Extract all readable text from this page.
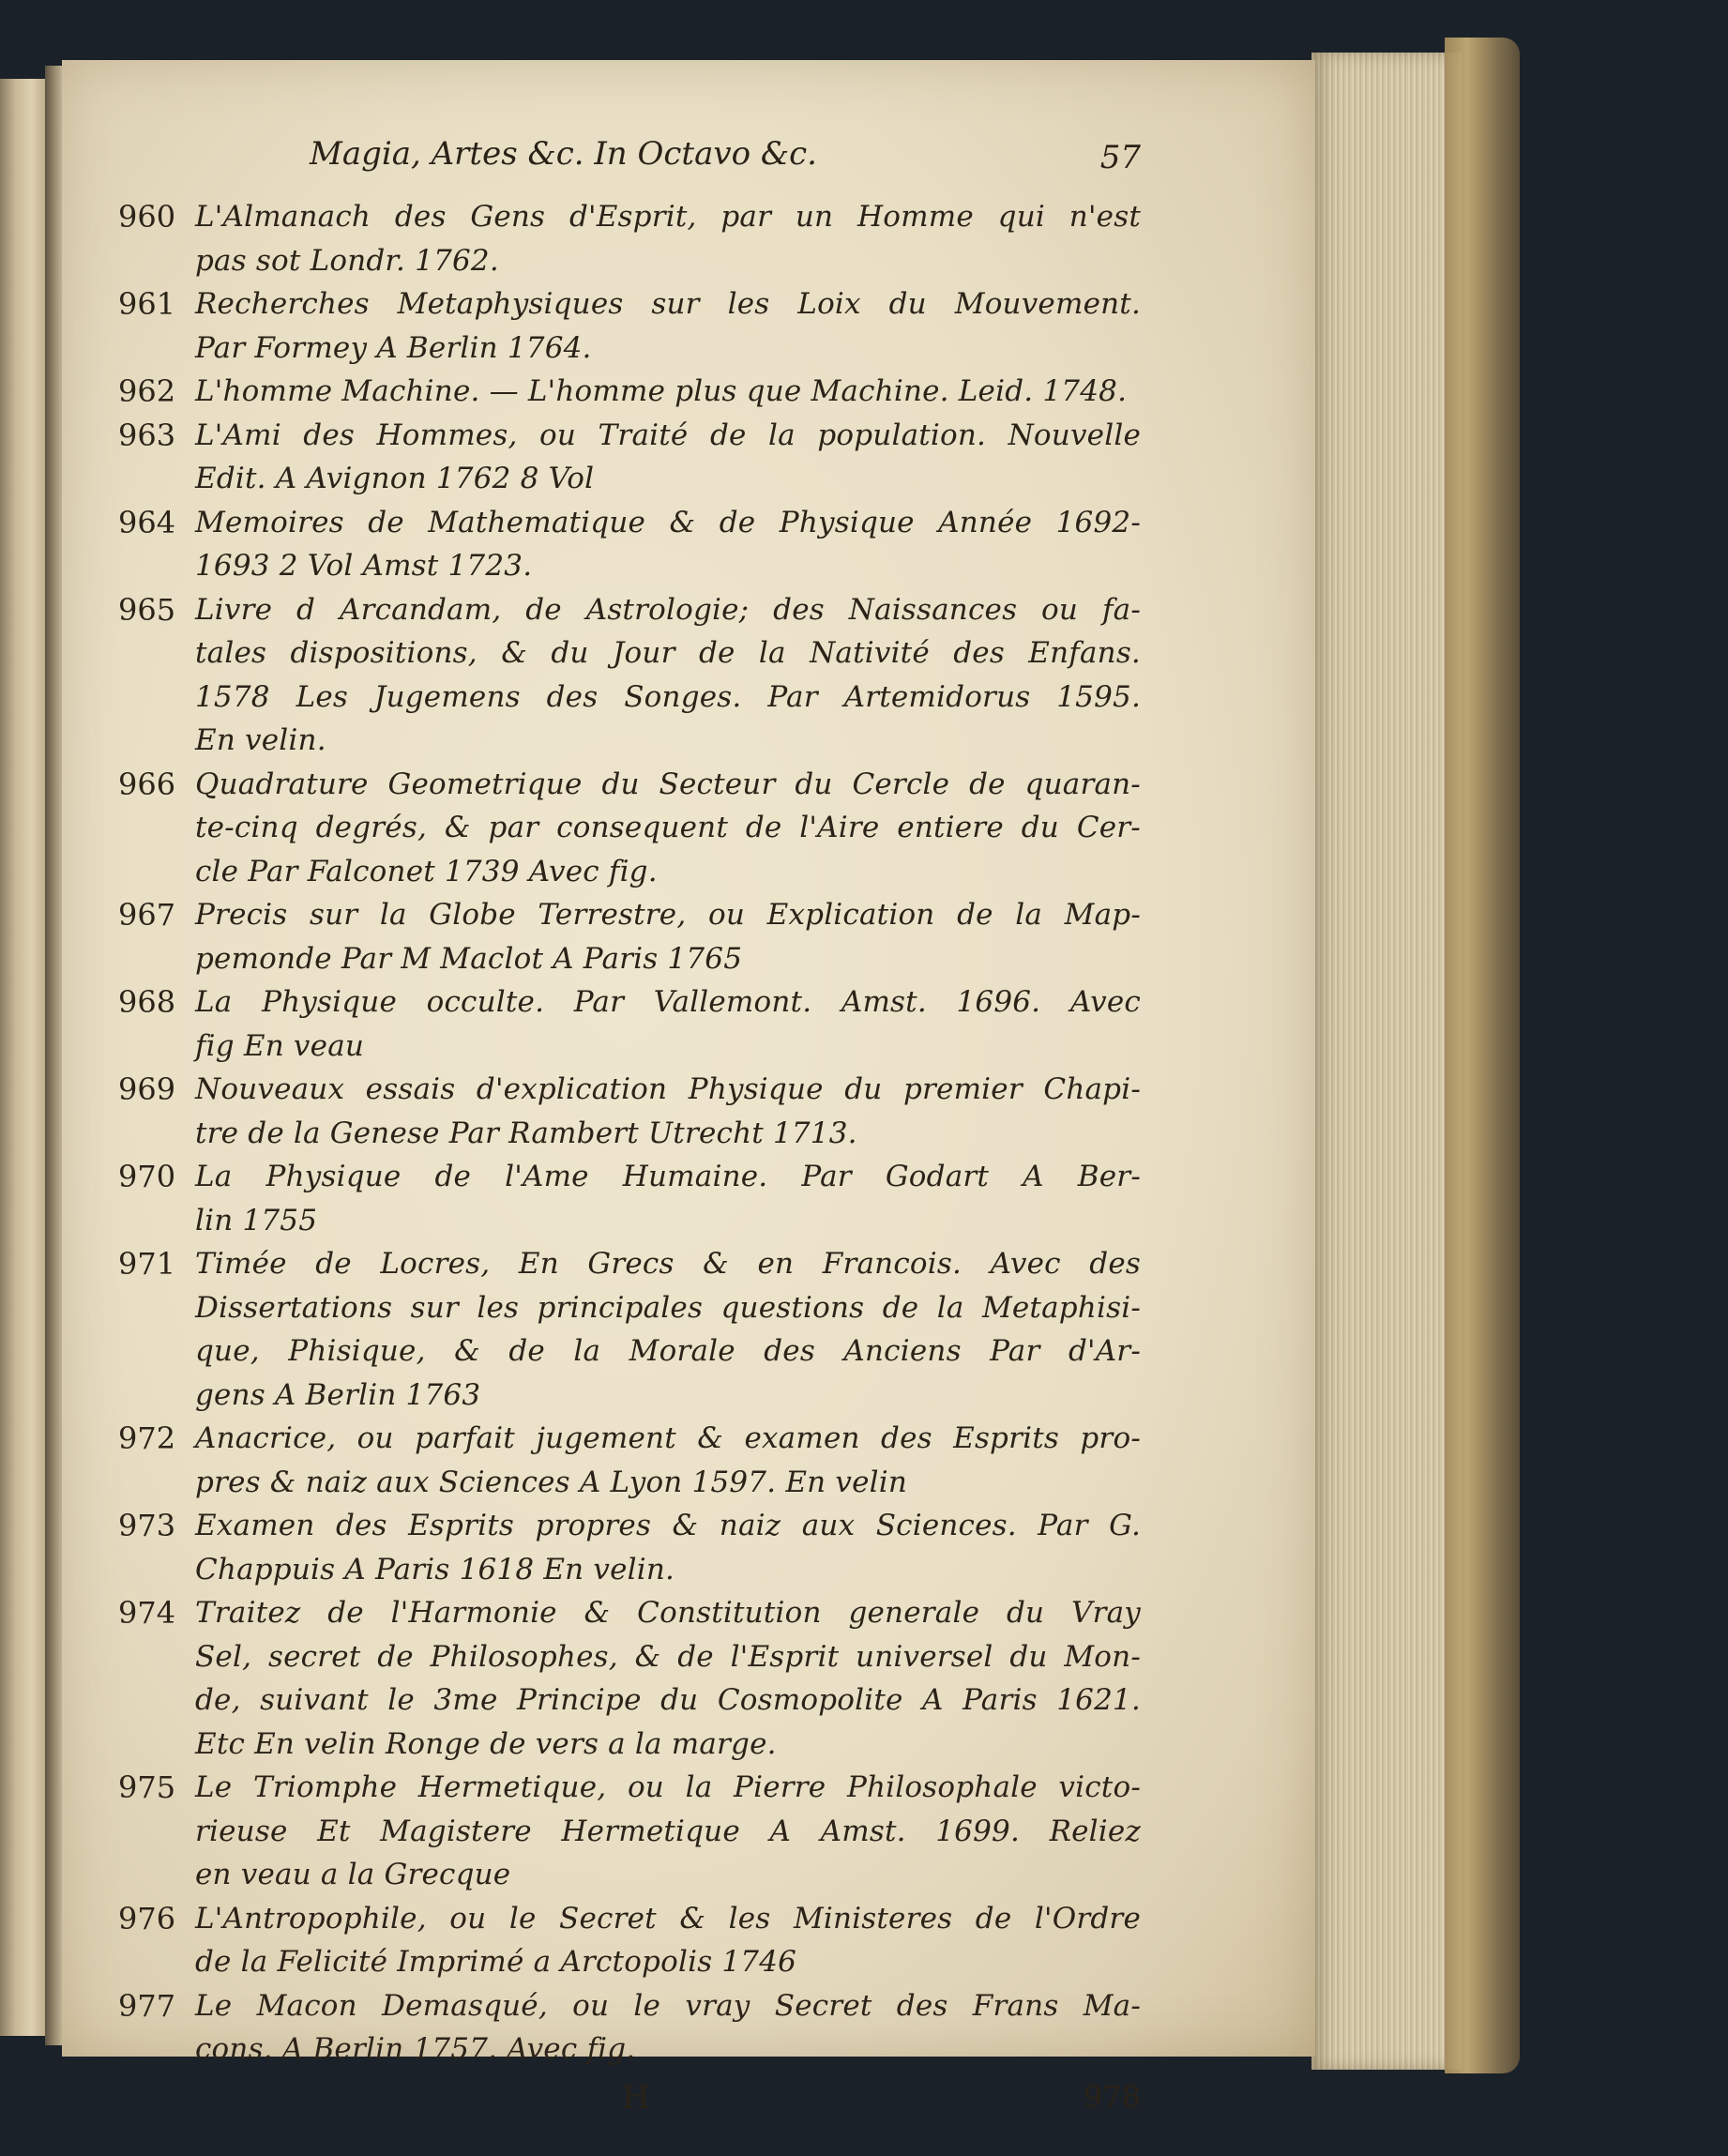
Magia, Artes &c. In Octavo &c.	57
960 L'Almanach des Gens d'Esprit, par un Homme qui n'est
pas sot Londr. 1762.
961 Recherches Metaphysiques sur les Loix du Mouvement.
Par Formey A Berlin 1764.
962 L'homme Machine. — L'homme plus que Machine. Leid. 1748.
963 L'Ami des Hommes, ou Traité de la population. Nouvelle
Edit. A Avignon 1762 8 Vol
964 Memoires de Mathematique & de Physique Année 1692-
1693 2 Vol Amst 1723.
965 Livre d Arcandam, de Astrologie; des Naissances ou fa-
tales dispositions, & du Jour de la Nativité des Enfans.
1578 Les Jugemens des Songes. Par Artemidorus 1595.
En velin.
966 Quadrature Geometrique du Secteur du Cercle de quaran-
te-cinq degrés, & par consequent de l'Aire entiere du Cer-
cle Par Falconet 1739 Avec fig.
967 Precis sur la Globe Terrestre, ou Explication de la Map-
pemonde Par M Maclot A Paris 1765
968 La Physique occulte. Par Vallemont. Amst. 1696. Avec
fig En veau
969 Nouveaux essais d'explication Physique du premier Chapi-
tre de la Genese Par Rambert Utrecht 1713.
970 La Physique de l'Ame Humaine. Par Godart A Ber-
lin 1755
971 Timée de Locres, En Grecs & en Francois. Avec des
Dissertations sur les principales questions de la Metaphisi-
que, Phisique, & de la Morale des Anciens Par d'Ar-
gens A Berlin 1763
972 Anacrice, ou parfait jugement & examen des Esprits pro-
pres & naiz aux Sciences A Lyon 1597. En velin
973 Examen des Esprits propres & naiz aux Sciences. Par G.
Chappuis A Paris 1618 En velin.
974 Traitez de l'Harmonie & Constitution generale du Vray
Sel, secret de Philosophes, & de l'Esprit universel du Mon-
de, suivant le 3me Principe du Cosmopolite A Paris 1621.
Etc En velin Ronge de vers a la marge.
975 Le Triomphe Hermetique, ou la Pierre Philosophale victo-
rieuse Et Magistere Hermetique A Amst. 1699. Reliez
en veau a la Grecque
976 L'Antropophile, ou le Secret & les Ministeres de l'Ordre
de la Felicité Imprimé a Arctopolis 1746
977 Le Macon Demasqué, ou le vray Secret des Frans Ma-
cons. A Berlin 1757. Avec fig.
H	978
